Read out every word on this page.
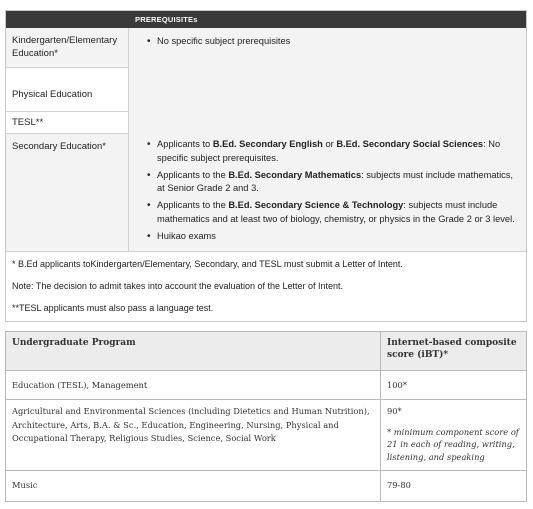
PREREQUISITEs
Kindergarten/Elementary Education*
Physical Education
TESL**
• No specific subject prerequisites
Secondary Education*
•	Applicants to B.Ed. Secondary English or B.Ed. Secondary Social Sciences: No specific subject prerequisites.
• Applicants to the B.Ed. Secondary Mathematics: subjects must include mathematics, at Senior Grade 2 and 3.
• Applicants to the B.Ed. Secondary Science & Technology: subjects must include mathematics and at least two of biology, chemistry, or physics in the Grade 2 or 3 level.
• Huikao exams
* B.Ed applicants toKindergarten/Elementary, Secondary, and TESL must submit a Letter of Intent.
Note: The decision to admit takes into account the evaluation of the Letter of Intent.
**TESL applicants must also pass a language test.
Undergraduate Program	Internet-based composite score (iBT)*
Education (TESL), Management	100*
Agricultural and Environmental Sciences (including Dietetics and Human Nutrition), Architecture, Arts, B.A. & Sc., Education, Engineering, Nursing, Physical and Occupational Therapy, Religious Studies, Science, Social Work
90*
* minimum component score of 21 in each of reading, writing, listening, and speaking
Music	79-80
